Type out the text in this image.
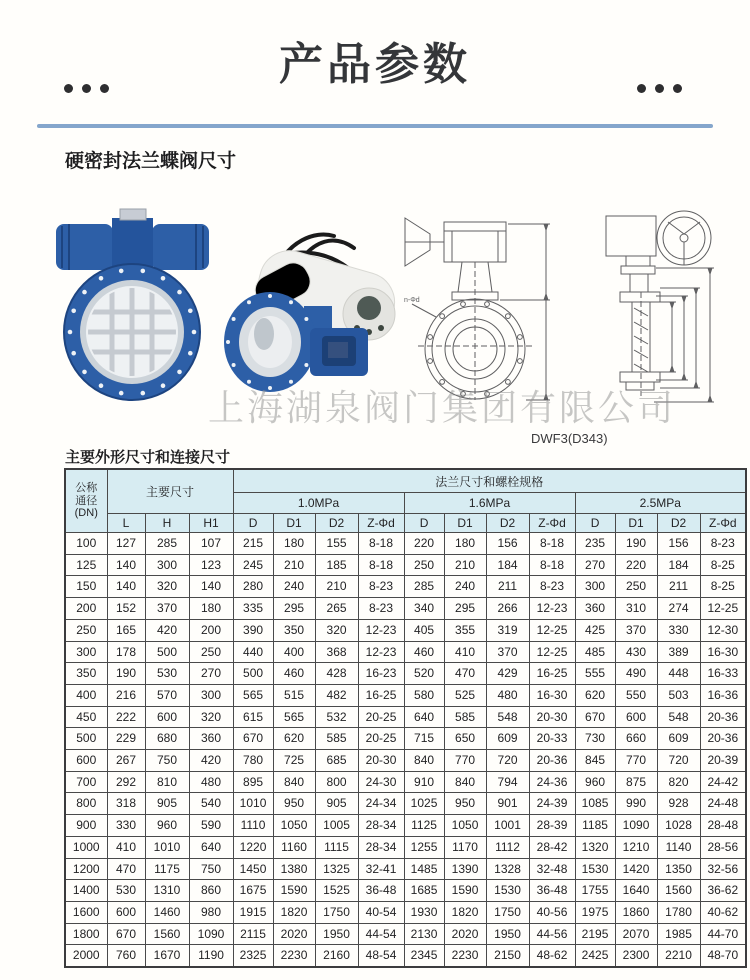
产品参数
硬密封法兰蝶阀尺寸
n-Φd
上海湖泉阀门集团有限公司
DWF3(D343)
主要外形尺寸和连接尺寸
公称
通径
(DN)	主要尺寸			法兰尺寸和螺栓规格											
				1.0MPa				1.6MPa				2.5MPa			
	L	H	H1	D	D1	D2	Z-Φd	D	D1	D2	Z-Φd	D	D1	D2	Z-Φd
100	127	285	107	215	180	155	8-18	220	180	156	8-18	235	190	156	8-23
125	140	300	123	245	210	185	8-18	250	210	184	8-18	270	220	184	8-25
150	140	320	140	280	240	210	8-23	285	240	211	8-23	300	250	211	8-25
200	152	370	180	335	295	265	8-23	340	295	266	12-23	360	310	274	12-25
250	165	420	200	390	350	320	12-23	405	355	319	12-25	425	370	330	12-30
300	178	500	250	440	400	368	12-23	460	410	370	12-25	485	430	389	16-30
350	190	530	270	500	460	428	16-23	520	470	429	16-25	555	490	448	16-33
400	216	570	300	565	515	482	16-25	580	525	480	16-30	620	550	503	16-36
450	222	600	320	615	565	532	20-25	640	585	548	20-30	670	600	548	20-36
500	229	680	360	670	620	585	20-25	715	650	609	20-33	730	660	609	20-36
600	267	750	420	780	725	685	20-30	840	770	720	20-36	845	770	720	20-39
700	292	810	480	895	840	800	24-30	910	840	794	24-36	960	875	820	24-42
800	318	905	540	1010	950	905	24-34	1025	950	901	24-39	1085	990	928	24-48
900	330	960	590	1110	1050	1005	28-34	1125	1050	1001	28-39	1185	1090	1028	28-48
1000	410	1010	640	1220	1160	1115	28-34	1255	1170	1112	28-42	1320	1210	1140	28-56
1200	470	1175	750	1450	1380	1325	32-41	1485	1390	1328	32-48	1530	1420	1350	32-56
1400	530	1310	860	1675	1590	1525	36-48	1685	1590	1530	36-48	1755	1640	1560	36-62
1600	600	1460	980	1915	1820	1750	40-54	1930	1820	1750	40-56	1975	1860	1780	40-62
1800	670	1560	1090	2115	2020	1950	44-54	2130	2020	1950	44-56	2195	2070	1985	44-70
2000	760	1670	1190	2325	2230	2160	48-54	2345	2230	2150	48-62	2425	2300	2210	48-70
